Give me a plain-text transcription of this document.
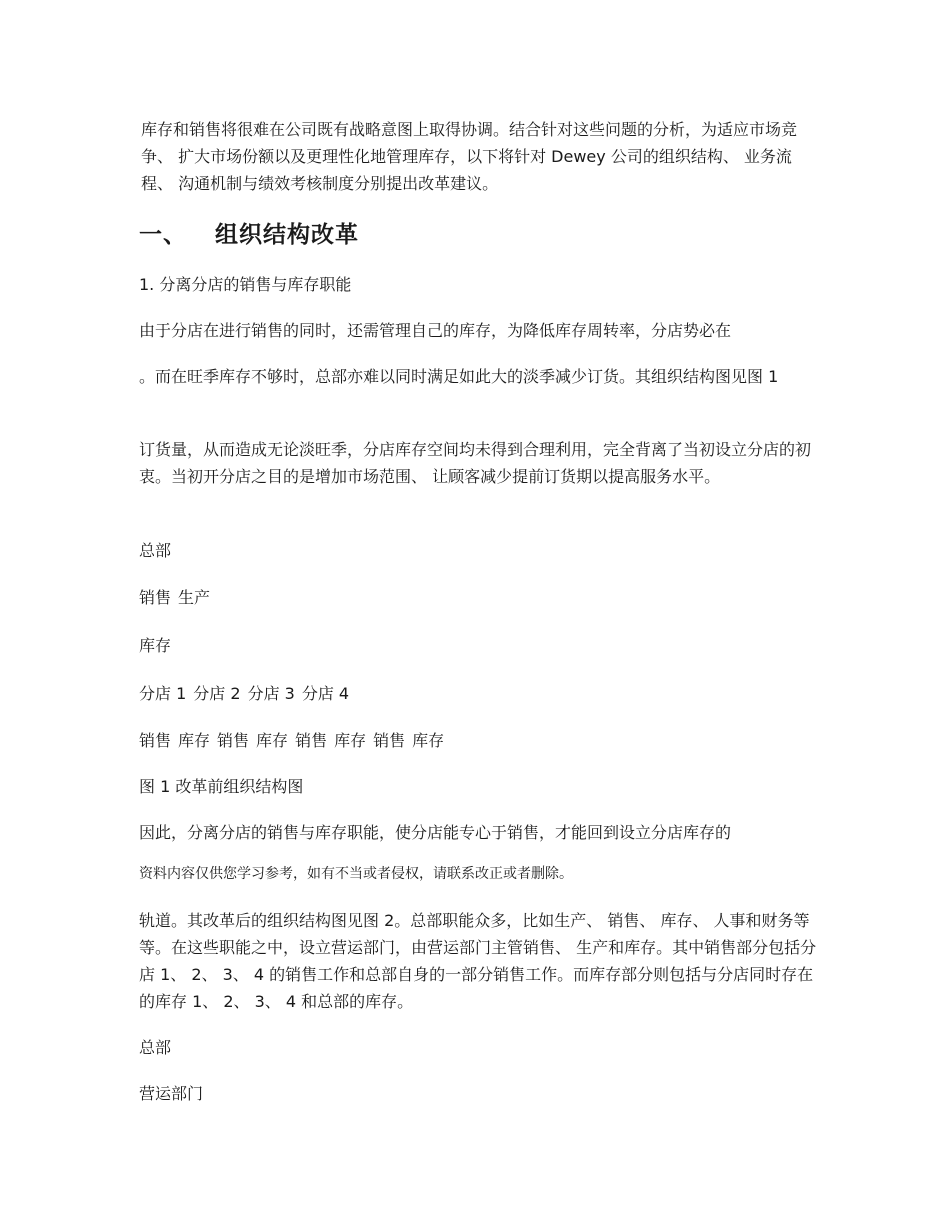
库存和销售将很难在公司既有战略意图上取得协调。结合针对这些问题的分析，为适应市场竞争、 扩大市场份额以及更理性化地管理库存，以下将针对 Dewey 公司的组织结构、 业务流程、 沟通机制与绩效考核制度分别提出改革建议。

一、 组织结构改革

1. 分离分店的销售与库存职能

由于分店在进行销售的同时，还需管理自己的库存，为降低库存周转率，分店势必在

。而在旺季库存不够时，总部亦难以同时满足如此大的淡季减少订货。其组织结构图见图 1

订货量，从而造成无论淡旺季，分店库存空间均未得到合理利用，完全背离了当初设立分店的初衷。当初开分店之目的是增加市场范围、 让顾客减少提前订货期以提高服务水平。

总部

销售 生产

库存

分店 1 分店 2 分店 3 分店 4

销售 库存 销售 库存 销售 库存 销售 库存

图 1 改革前组织结构图

因此，分离分店的销售与库存职能，使分店能专心于销售，才能回到设立分店库存的

资料内容仅供您学习参考，如有不当或者侵权，请联系改正或者删除。

轨道。其改革后的组织结构图见图 2。总部职能众多，比如生产、 销售、 库存、 人事和财务等等。在这些职能之中，设立营运部门，由营运部门主管销售、 生产和库存。其中销售部分包括分店 1、 2、 3、 4 的销售工作和总部自身的一部分销售工作。而库存部分则包括与分店同时存在的库存 1、 2、 3、 4 和总部的库存。

总部

营运部门
